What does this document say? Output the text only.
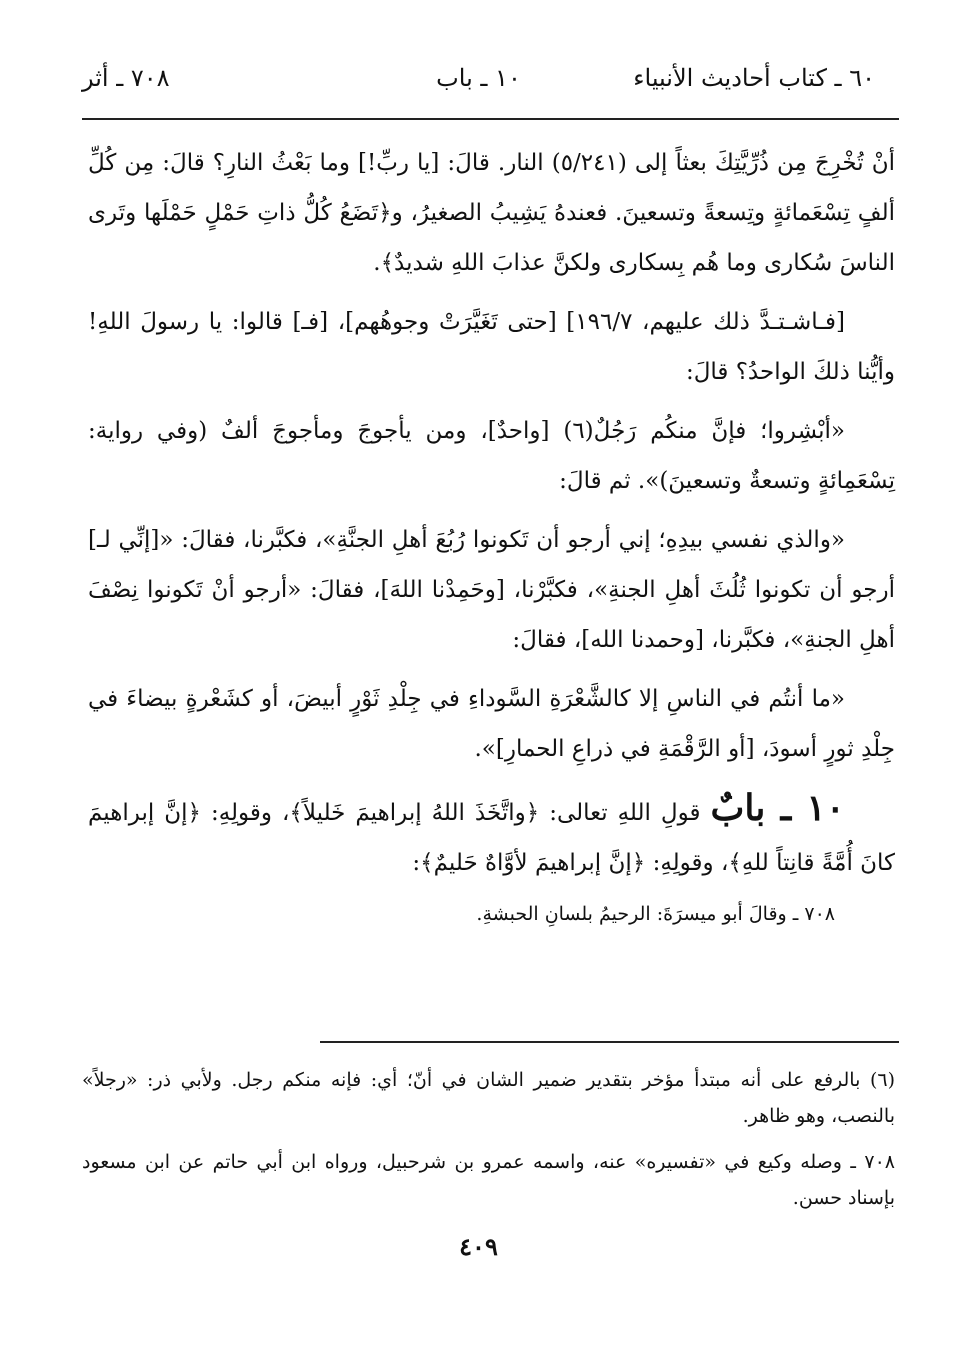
٦٠ ـ كتاب أحاديث الأنبياء
١٠ ـ باب
٧٠٨ ـ أثر

أنْ تُخْرِجَ مِن ذُرِّيَّتِكَ بعثاً إلى (٥/٢٤١) النار. قالَ: [يا ربِّ!] وما بَعْثُ النارِ؟ قالَ: مِن كُلِّ ألفٍ تِسْعَمائةٍ وتِسعةً وتسعينَ. فعندهُ يَشِيبُ الصغيرُ، و﴿تَضَعُ كُلُّ ذاتِ حَمْلٍ حَمْلَها وتَرى الناسَ سُكارى وما هُم بِسكارى ولكنَّ عذابَ اللهِ شديدٌ﴾.

[فـاشـتـدَّ ذلك عليهم، ١٩٦/٧] [حتى تَغَيَّرَتْ وجوهُهم]، [فـ] قالوا: يا رسولَ اللهِ! وأيُّنا ذلكَ الواحدُ؟ قالَ:

«أبْشِروا؛ فإنَّ منكُم رَجُلٌ(٦) [واحدٌ]، ومن يأجوجَ ومأجوجَ ألفٌ (وفي رواية: تِسْعَمِائةٍ وتسعةٌ وتسعينَ)». ثم قالَ:

«والذي نفسي بيدِهِ؛ إني أرجو أن تَكونوا رُبُعَ أهلِ الجنَّةِ»، فكبَّرنا، فقالَ: «[إنِّي لـ] أرجو أن تكونوا ثُلُثَ أهلِ الجنةِ»، فكبَّرْنا، [وحَمِدْنا اللهَ]، فقالَ: «أرجو أنْ تَكونوا نِصْفَ أهلِ الجنةِ»، فكبَّرنا، [وحمدنا الله]، فقالَ:

«ما أنتُم في الناسِ إلا كالشَّعْرَةِ السَّوداءِ في جِلْدِ ثَوْرٍ أبيضَ، أو كشَعْرةٍ بيضاءَ في جِلْدِ ثورٍ أسودَ، [أو الرَّقْمَةِ في ذراعِ الحمارِ]».

١٠ ـ بابٌ قولِ اللهِ تعالى: ﴿واتَّخَذَ اللهُ إبراهيمَ خَليلاً﴾، وقولِهِ: ﴿إنَّ إبراهيمَ كانَ أُمَّةً قانِتاً للهِ﴾، وقولِهِ: ﴿إنَّ إبراهيمَ لأوَّاهٌ حَليمٌ﴾:

٧٠٨ ـ وقالَ أبو ميسرَةَ: الرحيمُ بلسانِ الحبشةِ.

(٦) بالرفع على أنه مبتدأ مؤخر بتقدير ضمير الشان في أنّ؛ أي: فإنه منكم رجل. ولأبي ذر: «رجلاً» بالنصب، وهو ظاهر.

٧٠٨ ـ وصله وكيع في «تفسيره» عنه، واسمه عمرو بن شرحبيل، ورواه ابن أبي حاتم عن ابن مسعود بإسناد حسن.

٤٠٩
